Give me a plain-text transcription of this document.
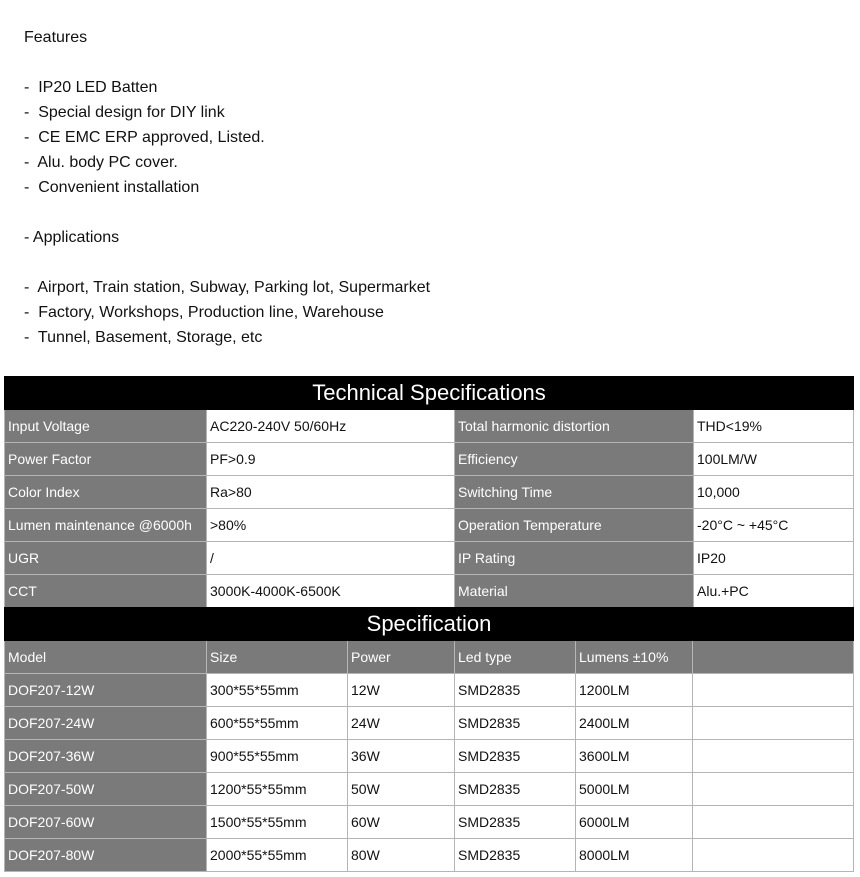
Features
-  IP20 LED Batten
-  Special design for DIY link
-  CE EMC ERP approved, Listed.
-  Alu. body PC cover.
-  Convenient installation
- Applications
-  Airport, Train station, Subway, Parking lot, Supermarket
-  Factory, Workshops, Production line, Warehouse
-  Tunnel, Basement, Storage, etc
Technical Specifications			
Input Voltage	AC220-240V 50/60Hz	Total harmonic distortion	THD<19%
Power Factor	PF>0.9	Efficiency	100LM/W
Color Index	Ra>80	Switching Time	10,000
Lumen maintenance @6000h	>80%	Operation Temperature	-20°C ~ +45°C
UGR	/	IP Rating	IP20
CCT	3000K-4000K-6500K	Material	Alu.+PC
Specification					
Model	Size	Power	Led type	Lumens ±10%	
DOF207-12W	300*55*55mm	12W	SMD2835	1200LM	
DOF207-24W	600*55*55mm	24W	SMD2835	2400LM	
DOF207-36W	900*55*55mm	36W	SMD2835	3600LM	
DOF207-50W	1200*55*55mm	50W	SMD2835	5000LM	
DOF207-60W	1500*55*55mm	60W	SMD2835	6000LM	
DOF207-80W	2000*55*55mm	80W	SMD2835	8000LM	
